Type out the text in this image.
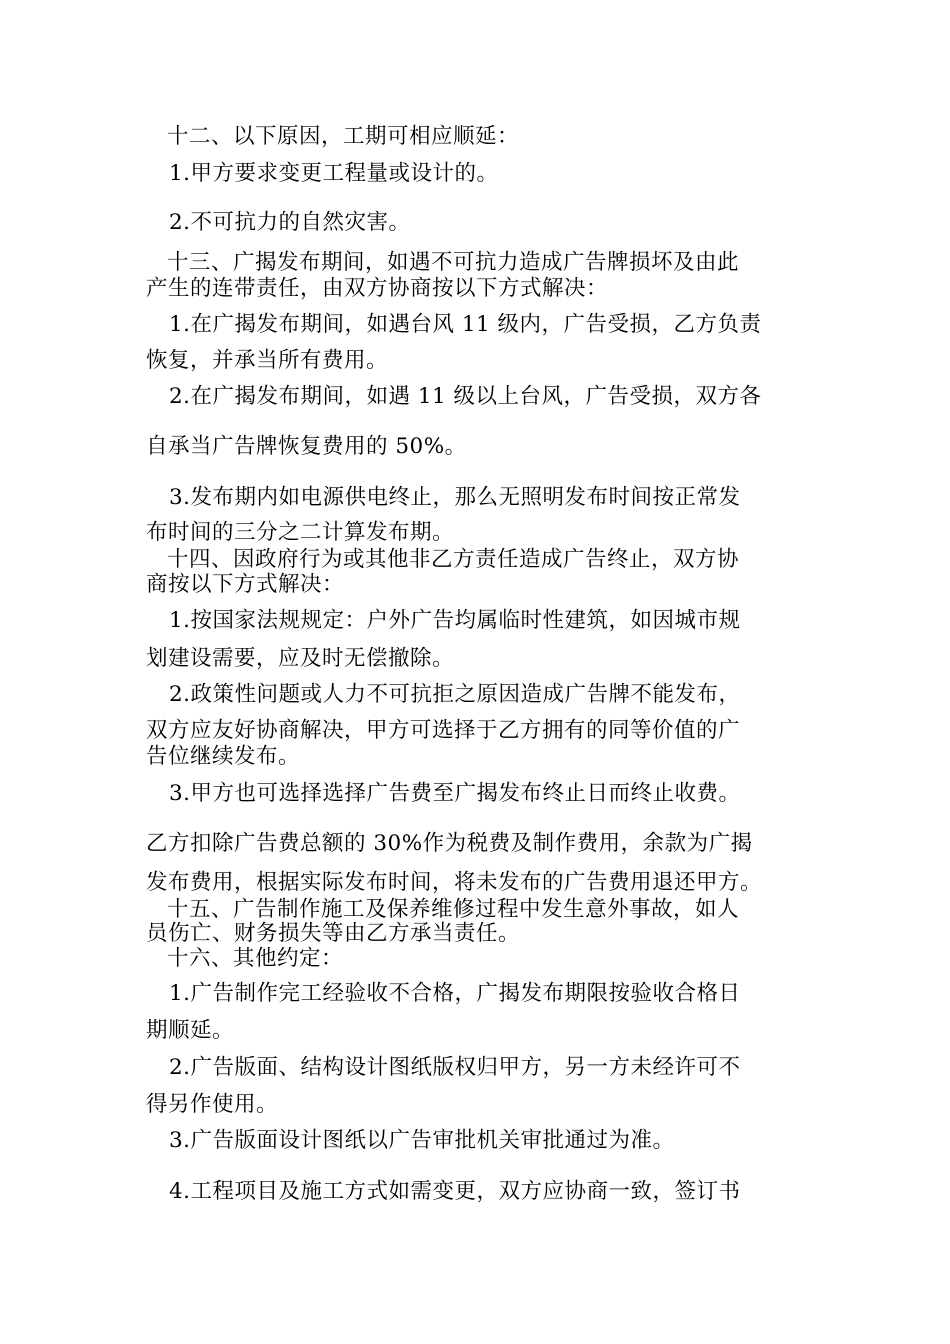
十二、以下原因，工期可相应顺延：

1.甲方要求变更工程量或设计的。

2.不可抗力的自然灾害。

十三、广揭发布期间，如遇不可抗力造成广告牌损坏及由此

产生的连带责任，由双方协商按以下方式解决：

1.在广揭发布期间，如遇台风 11 级内，广告受损，乙方负责

恢复，并承当所有费用。

2.在广揭发布期间，如遇 11 级以上台风，广告受损，双方各

自承当广告牌恢复费用的 50%。

3.发布期内如电源供电终止，那么无照明发布时间按正常发

布时间的三分之二计算发布期。

十四、因政府行为或其他非乙方责任造成广告终止，双方协

商按以下方式解决：

1.按国家法规规定：户外广告均属临时性建筑，如因城市规

划建设需要，应及时无偿撤除。

2.政策性问题或人力不可抗拒之原因造成广告牌不能发布，

双方应友好协商解决，甲方可选择于乙方拥有的同等价值的广

告位继续发布。

3.甲方也可选择选择广告费至广揭发布终止日而终止收费。

乙方扣除广告费总额的 30%作为税费及制作费用，余款为广揭

发布费用，根据实际发布时间，将未发布的广告费用退还甲方。

十五、广告制作施工及保养维修过程中发生意外事故，如人

员伤亡、财务损失等由乙方承当责任。

十六、其他约定：

1.广告制作完工经验收不合格，广揭发布期限按验收合格日

期顺延。

2.广告版面、结构设计图纸版权归甲方，另一方未经许可不

得另作使用。

3.广告版面设计图纸以广告审批机关审批通过为准。

4.工程项目及施工方式如需变更，双方应协商一致，签订书
